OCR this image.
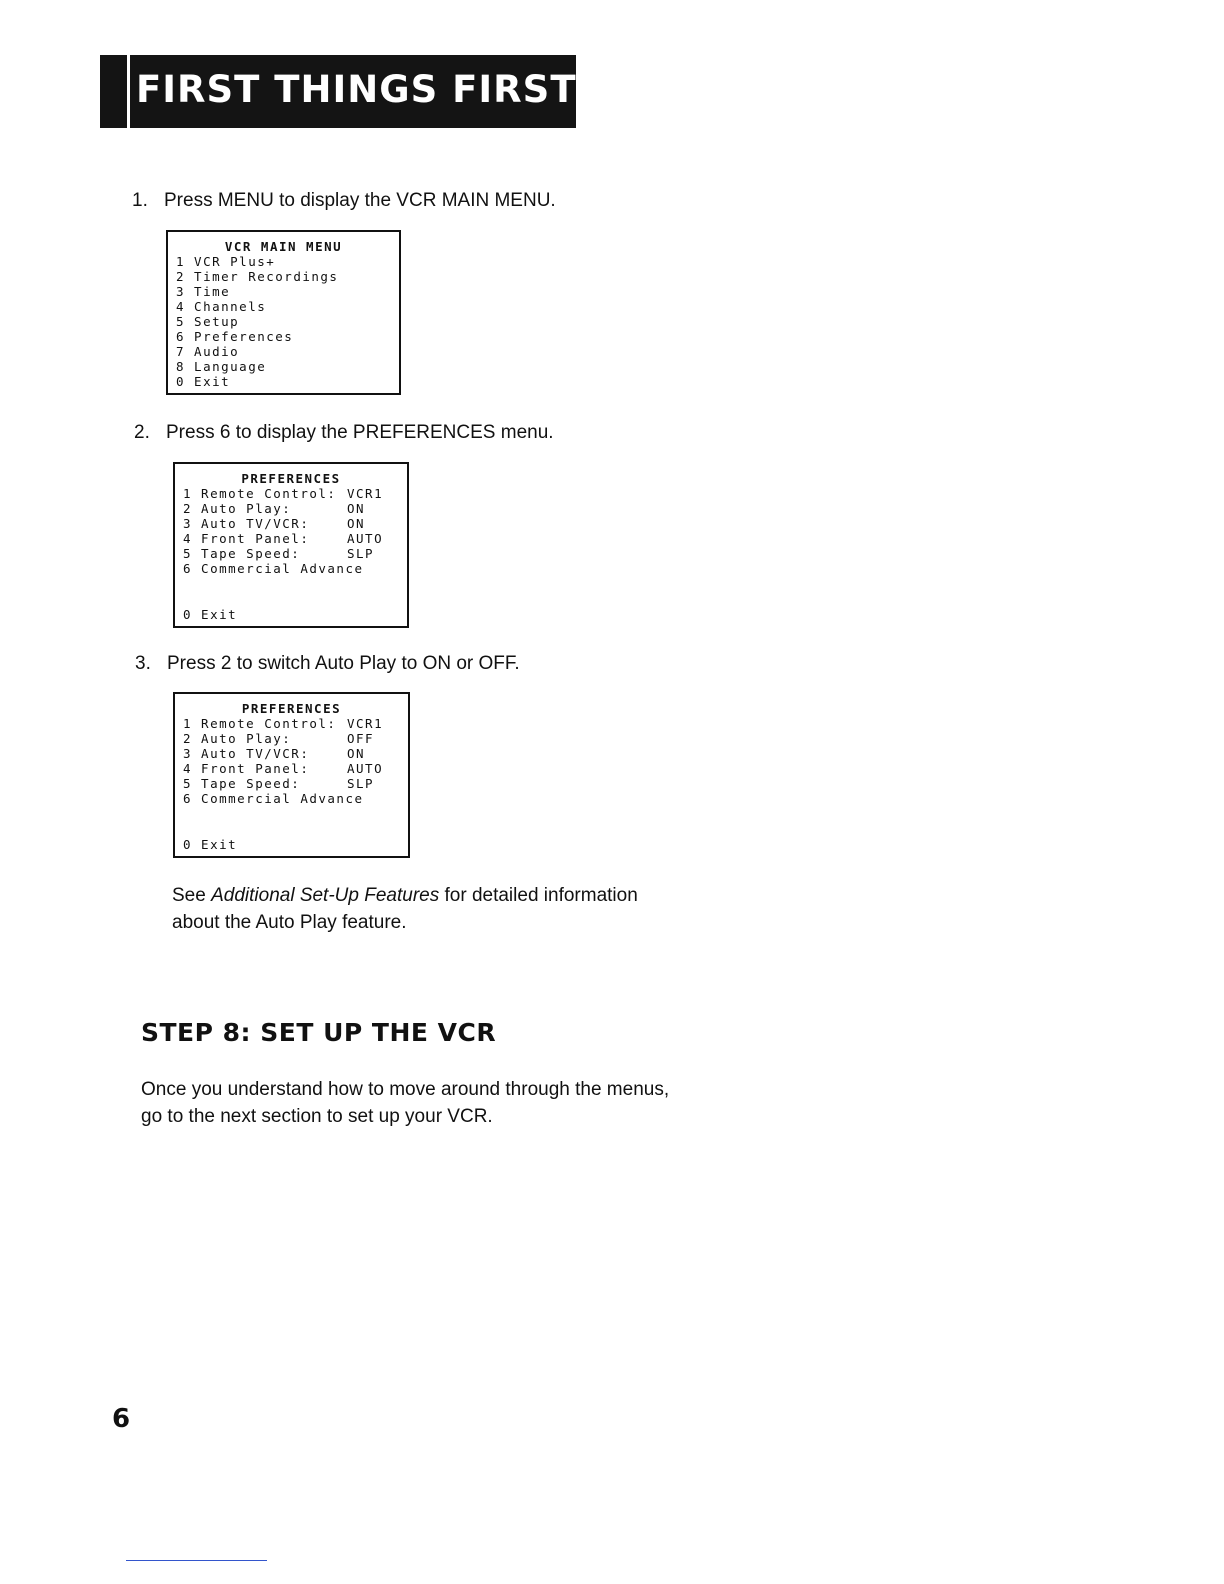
FIRST THINGS FIRST
1. Press MENU to display the VCR MAIN MENU.
VCR MAIN MENU
1 VCR Plus+
2 Timer Recordings
3 Time
4 Channels
5 Setup
6 Preferences
7 Audio
8 Language
0 Exit
2. Press 6 to display the PREFERENCES menu.
PREFERENCES
1 Remote Control: VCR1
2 Auto Play:	ON
3 Auto TV/VCR:	ON
4 Front Panel:	AUTO
5 Tape Speed:	SLP
6 Commercial Advance
0 Exit
3. Press 2 to switch Auto Play to ON or OFF.
PREFERENCES
1 Remote Control: VCR1
2 Auto Play:	OFF
3 Auto TV/VCR:	ON
4 Front Panel:	AUTO
5 Tape Speed:	SLP
6 Commercial Advance
0 Exit
See Additional Set-Up Features for detailed information
about the Auto Play feature.
STEP 8: SET UP THE VCR
Once you understand how to move around through the menus,
go to the next section to set up your VCR.
6
